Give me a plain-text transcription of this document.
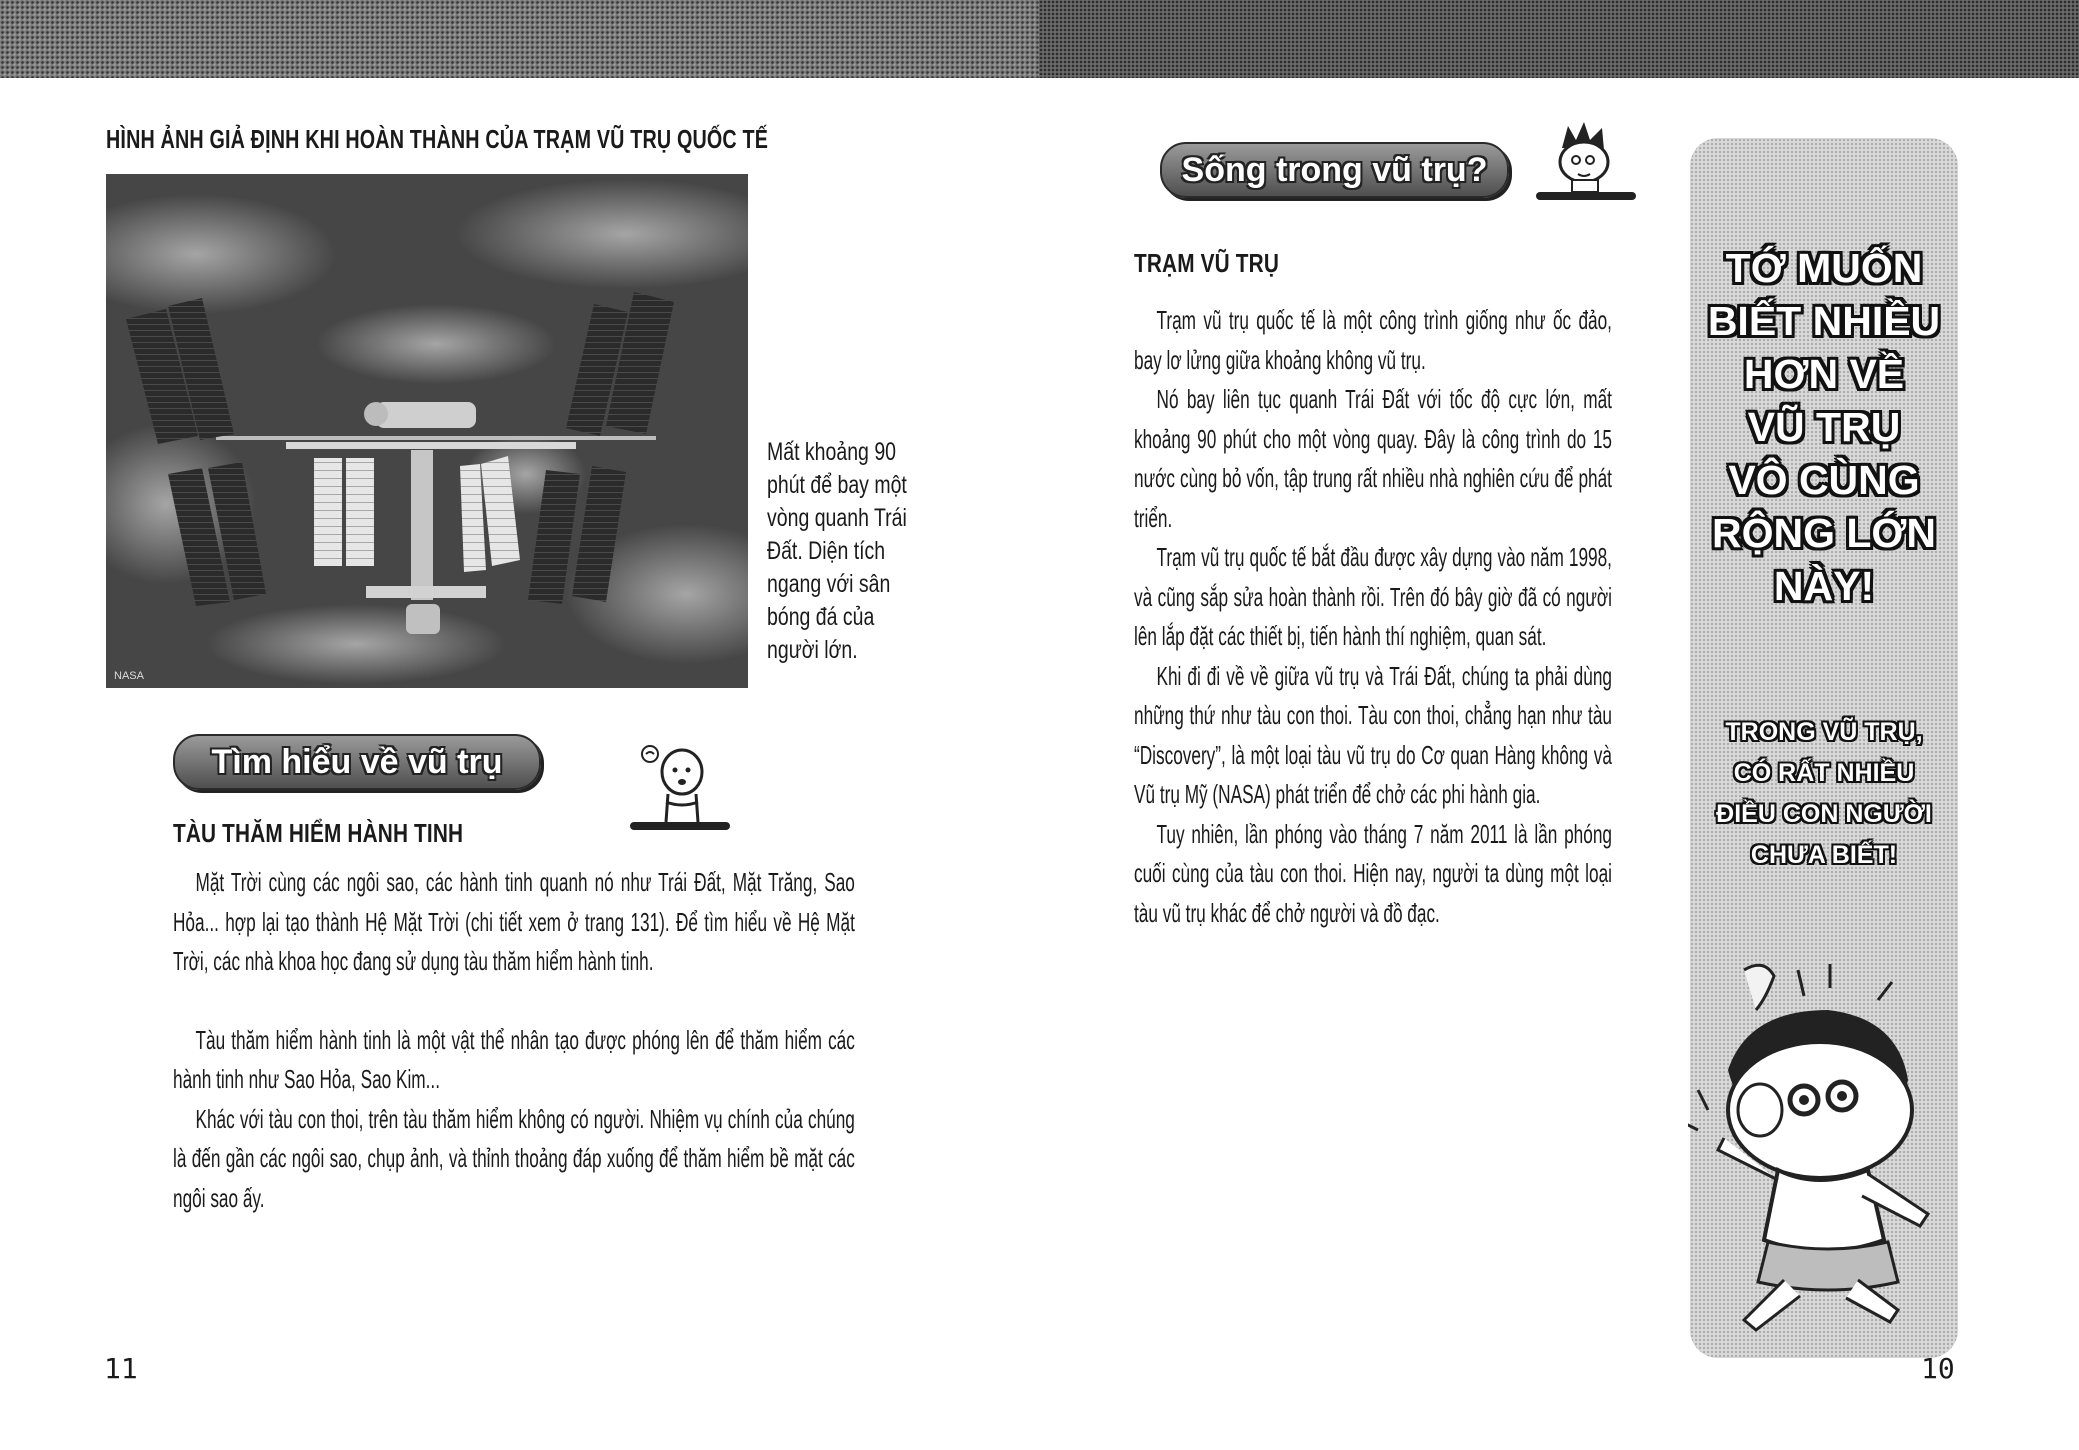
HÌNH ẢNH GIẢ ĐỊNH KHI HOÀN THÀNH CỦA TRẠM VŨ TRỤ QUỐC TẾ
NASA
Mất khoảng 90
phút để bay một
vòng quanh Trái
Đất. Diện tích
ngang với sân
bóng đá của
người lớn.
Tìm hiểu về vũ trụ
TÀU THĂM HIỂM HÀNH TINH

Mặt Trời cùng các ngôi sao, các hành tinh quanh nó như Trái Đất, Mặt Trăng, Sao Hỏa... hợp lại tạo thành Hệ Mặt Trời (chi tiết xem ở trang 131). Để tìm hiểu về Hệ Mặt Trời, các nhà khoa học đang sử dụng tàu thăm hiểm hành tinh.

Tàu thăm hiểm hành tinh là một vật thể nhân tạo được phóng lên để thăm hiểm các hành tinh như Sao Hỏa, Sao Kim...

Khác với tàu con thoi, trên tàu thăm hiểm không có người. Nhiệm vụ chính của chúng là đến gần các ngôi sao, chụp ảnh, và thỉnh thoảng đáp xuống để thăm hiểm bề mặt các ngôi sao ấy.

11
Sống trong vũ trụ?
TRẠM VŨ TRỤ

Trạm vũ trụ quốc tế là một công trình giống như ốc đảo, bay lơ lửng giữa khoảng không vũ trụ.

Nó bay liên tục quanh Trái Đất với tốc độ cực lớn, mất khoảng 90 phút cho một vòng quay. Đây là công trình do 15 nước cùng bỏ vốn, tập trung rất nhiều nhà nghiên cứu để phát triển.

Trạm vũ trụ quốc tế bắt đầu được xây dựng vào năm 1998, và cũng sắp sửa hoàn thành rồi. Trên đó bây giờ đã có người lên lắp đặt các thiết bị, tiến hành thí nghiệm, quan sát.

Khi đi đi về về giữa vũ trụ và Trái Đất, chúng ta phải dùng những thứ như tàu con thoi. Tàu con thoi, chẳng hạn như tàu “Discovery”, là một loại tàu vũ trụ do Cơ quan Hàng không và Vũ trụ Mỹ (NASA) phát triển để chở các phi hành gia.

Tuy nhiên, lần phóng vào tháng 7 năm 2011 là lần phóng cuối cùng của tàu con thoi. Hiện nay, người ta dùng một loại tàu vũ trụ khác để chở người và đồ đạc.

TỚ MUỐN
BIẾT NHIỀU
HƠN VỀ
VŨ TRỤ
VÔ CÙNG
RỘNG LỚN
NÀY!
TRONG VŨ TRỤ,
CÓ RẤT NHIỀU
ĐIỀU CON NGƯỜI
CHƯA BIẾT!
10
